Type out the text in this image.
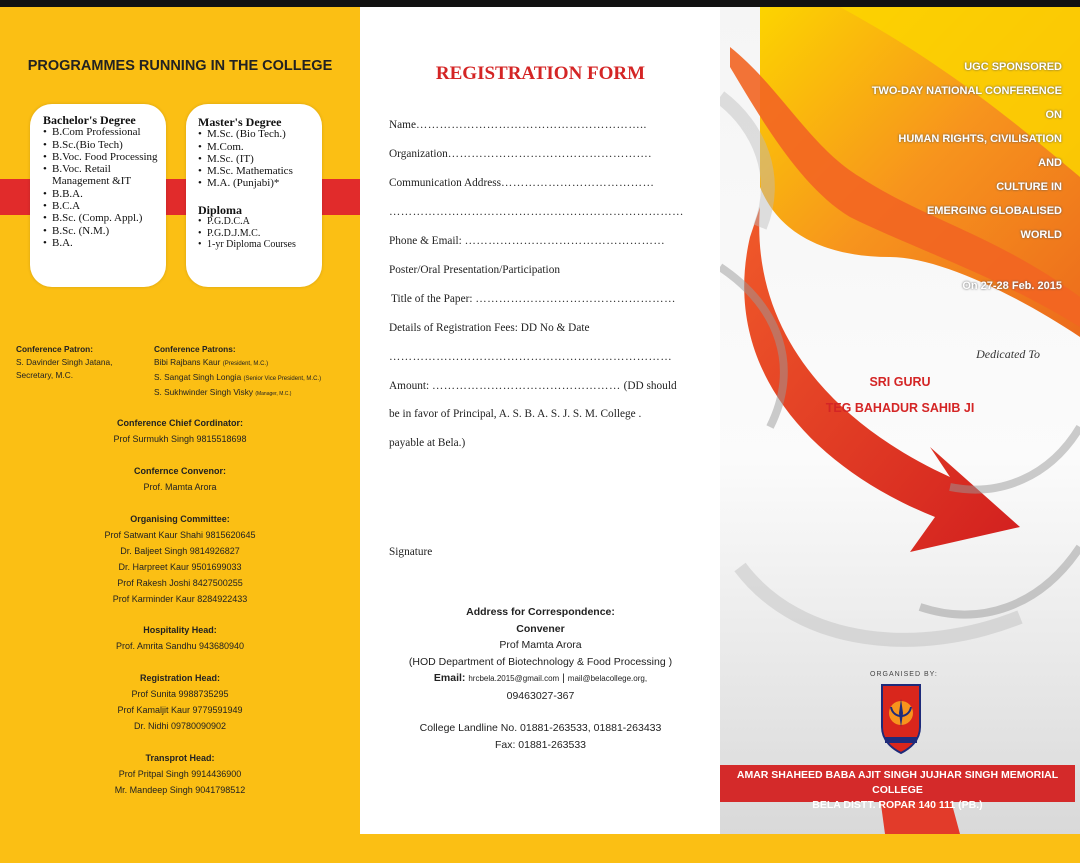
PROGRAMMES RUNNING IN THE COLLEGE
Bachelor's Degree
• B.Com Professional
• B.Sc.(Bio Tech)
• B.Voc. Food Processing
• B.Voc. Retail Management &IT
• B.B.A.
• B.C.A
• B.Sc. (Comp. Appl.)
• B.Sc. (N.M.)
• B.A.
Master's Degree
• M.Sc. (Bio Tech.)
• M.Com.
• M.Sc. (IT)
• M.Sc. Mathematics
• M.A. (Punjabi)*
Diploma
• P.G.D.C.A
• P.G.D.J.M.C.
• 1-yr Diploma Courses
Conference Patron:
S. Davinder Singh Jatana,
Secretary, M.C.
Conference Patrons:
Bibi Rajbans Kaur (President, M.C.)
S. Sangat Singh Longia (Senior Vice President, M.C.)
S. Sukhwinder Singh Visky (Manager, M.C.)
Conference Chief Cordinator:
Prof Surmukh Singh 9815518698
Confernce Convenor:
Prof. Mamta Arora
Organising Committee:
Prof Satwant Kaur Shahi 9815620645
Dr. Baljeet Singh 9814926827
Dr. Harpreet Kaur 9501699033
Prof Rakesh Joshi 8427500255
Prof Karminder Kaur 8284922433
Hospitality Head:
Prof. Amrita Sandhu 943680940
Registration Head:
Prof Sunita 9988735295
Prof Kamaljit Kaur 9779591949
Dr. Nidhi 09780090902
Transprot Head:
Prof Pritpal Singh 9914436900
Mr. Mandeep Singh 9041798512
REGISTRATION FORM
Name…………………………………………………..
Organization…………………………………………….
Communication Address…………………………………
…………………………………………………………………
Phone & Email: ……………………………………………
Poster/Oral Presentation/Participation
Title of the Paper: ……………………………………………
Details of Registration Fees: DD No & Date
………………………………………………………………
Amount: ………………………………………… (DD should
be in favor of Principal, A. S. B. A. S. J. S. M. College .
payable at Bela.)
Signature
Address for Correspondence:
Convener
Prof Mamta Arora
(HOD Department of Biotechnology & Food Processing )
Email: hrcbela.2015@gmail.com | mail@belacollege.org,
09463027-367
College Landline No. 01881-263533, 01881-263433
Fax: 01881-263533
UGC SPONSORED
TWO-DAY NATIONAL CONFERENCE
ON
HUMAN RIGHTS, CIVILISATION
AND
CULTURE IN
EMERGING GLOBALISED
WORLD
On 27-28 Feb. 2015
Dedicated To
SRI GURU
TEG BAHADUR SAHIB JI
ORGANISED BY:
AMAR SHAHEED BABA AJIT SINGH JUJHAR SINGH MEMORIAL COLLEGE
BELA DISTT. ROPAR 140 111 (PB.)
